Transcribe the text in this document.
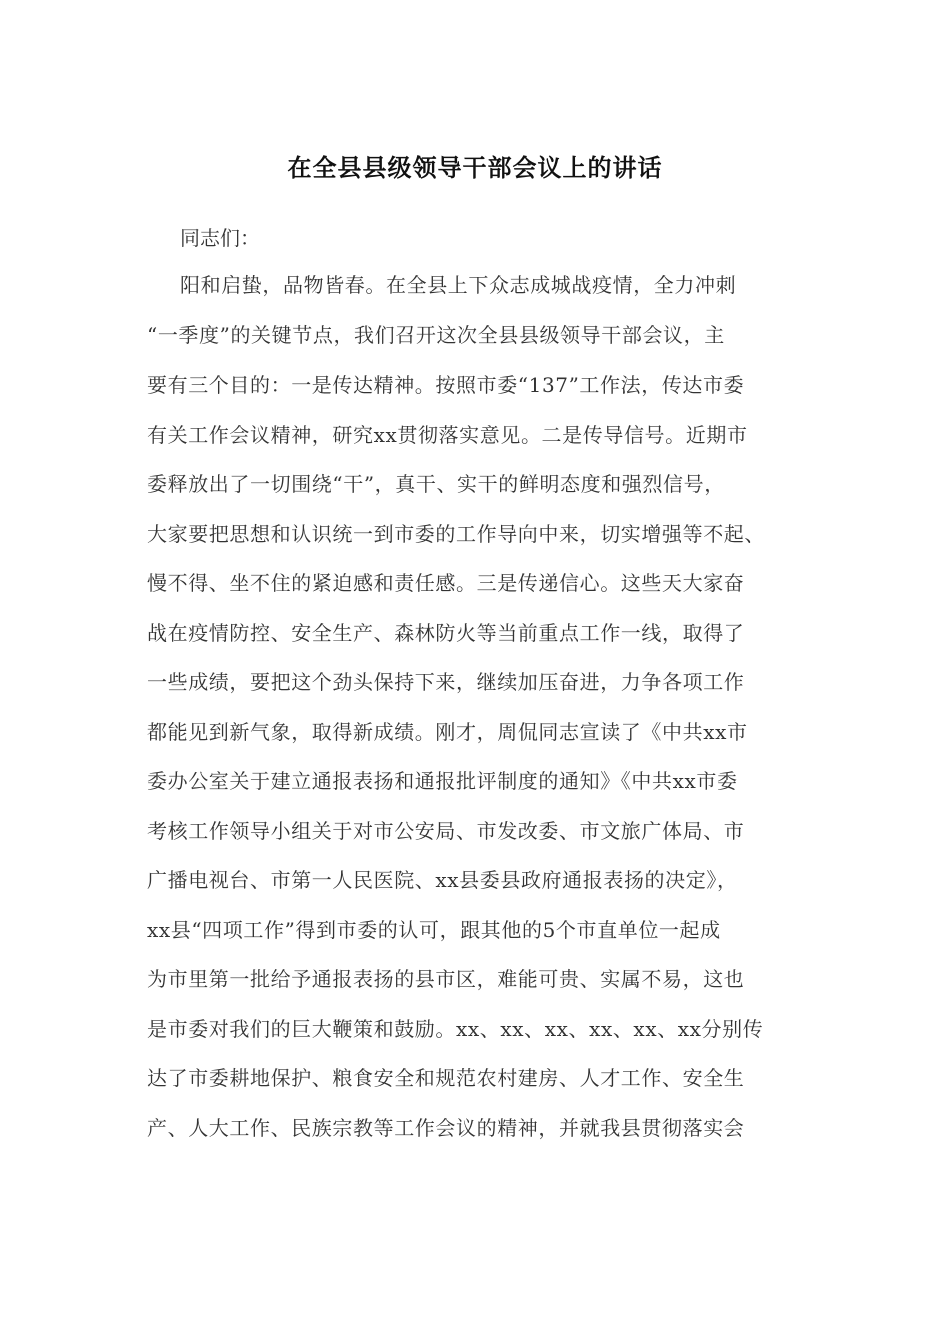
在全县县级领导干部会议上的讲话

同志们：

阳和启蛰，品物皆春。在全县上下众志成城战疫情，全力冲刺

“一季度”的关键节点，我们召开这次全县县级领导干部会议，主

要有三个目的：一是传达精神。按照市委“137”工作法，传达市委

有关工作会议精神，研究xx贯彻落实意见。二是传导信号。近期市

委释放出了一切围绕“干”，真干、实干的鲜明态度和强烈信号，

大家要把思想和认识统一到市委的工作导向中来，切实增强等不起、

慢不得、坐不住的紧迫感和责任感。三是传递信心。这些天大家奋

战在疫情防控、安全生产、森林防火等当前重点工作一线，取得了

一些成绩，要把这个劲头保持下来，继续加压奋进，力争各项工作

都能见到新气象，取得新成绩。刚才，周侃同志宣读了《中共xx市

委办公室关于建立通报表扬和通报批评制度的通知》《中共xx市委

考核工作领导小组关于对市公安局、市发改委、市文旅广体局、市

广播电视台、市第一人民医院、xx县委县政府通报表扬的决定》，

xx县“四项工作”得到市委的认可，跟其他的5个市直单位一起成

为市里第一批给予通报表扬的县市区，难能可贵、实属不易，这也

是市委对我们的巨大鞭策和鼓励。xx、xx、xx、xx、xx、xx分别传

达了市委耕地保护、粮食安全和规范农村建房、人才工作、安全生

产、人大工作、民族宗教等工作会议的精神，并就我县贯彻落实会
